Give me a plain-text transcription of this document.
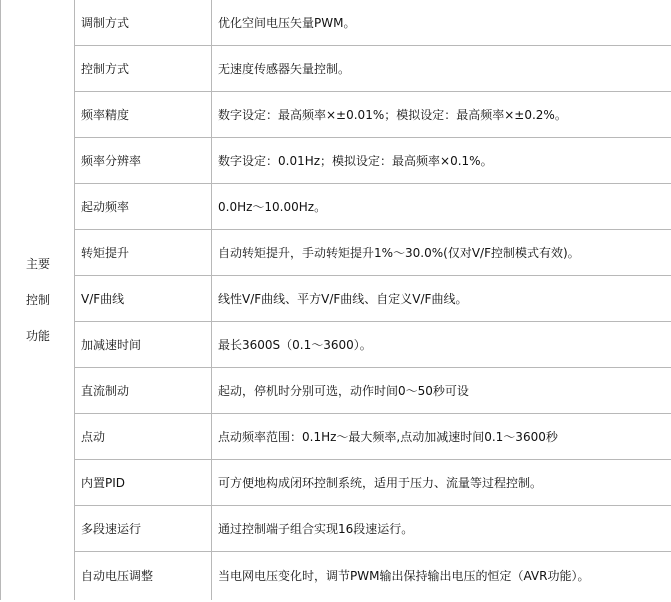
主要
控制
功能	调制方式	优化空间电压矢量PWM。
	控制方式	无速度传感器矢量控制。
	频率精度	数字设定：最高频率×±0.01%；模拟设定：最高频率×±0.2%。
	频率分辨率	数字设定：0.01Hz；模拟设定：最高频率×0.1%。
	起动频率	0.0Hz～10.00Hz。
	转矩提升	自动转矩提升，手动转矩提升1%～30.0%(仅对V/F控制模式有效)。
	V/F曲线	线性V/F曲线、平方V/F曲线、自定义V/F曲线。
	加减速时间	最长3600S（0.1～3600）。
	直流制动	起动，停机时分别可选，动作时间0～50秒可设
	点动	点动频率范围：0.1Hz～最大频率,点动加减速时间0.1～3600秒
	内置PID	可方便地构成闭环控制系统，适用于压力、流量等过程控制。
	多段速运行	通过控制端子组合实现16段速运行。
	自动电压调整	当电网电压变化时，调节PWM输出保持输出电压的恒定（AVR功能）。
